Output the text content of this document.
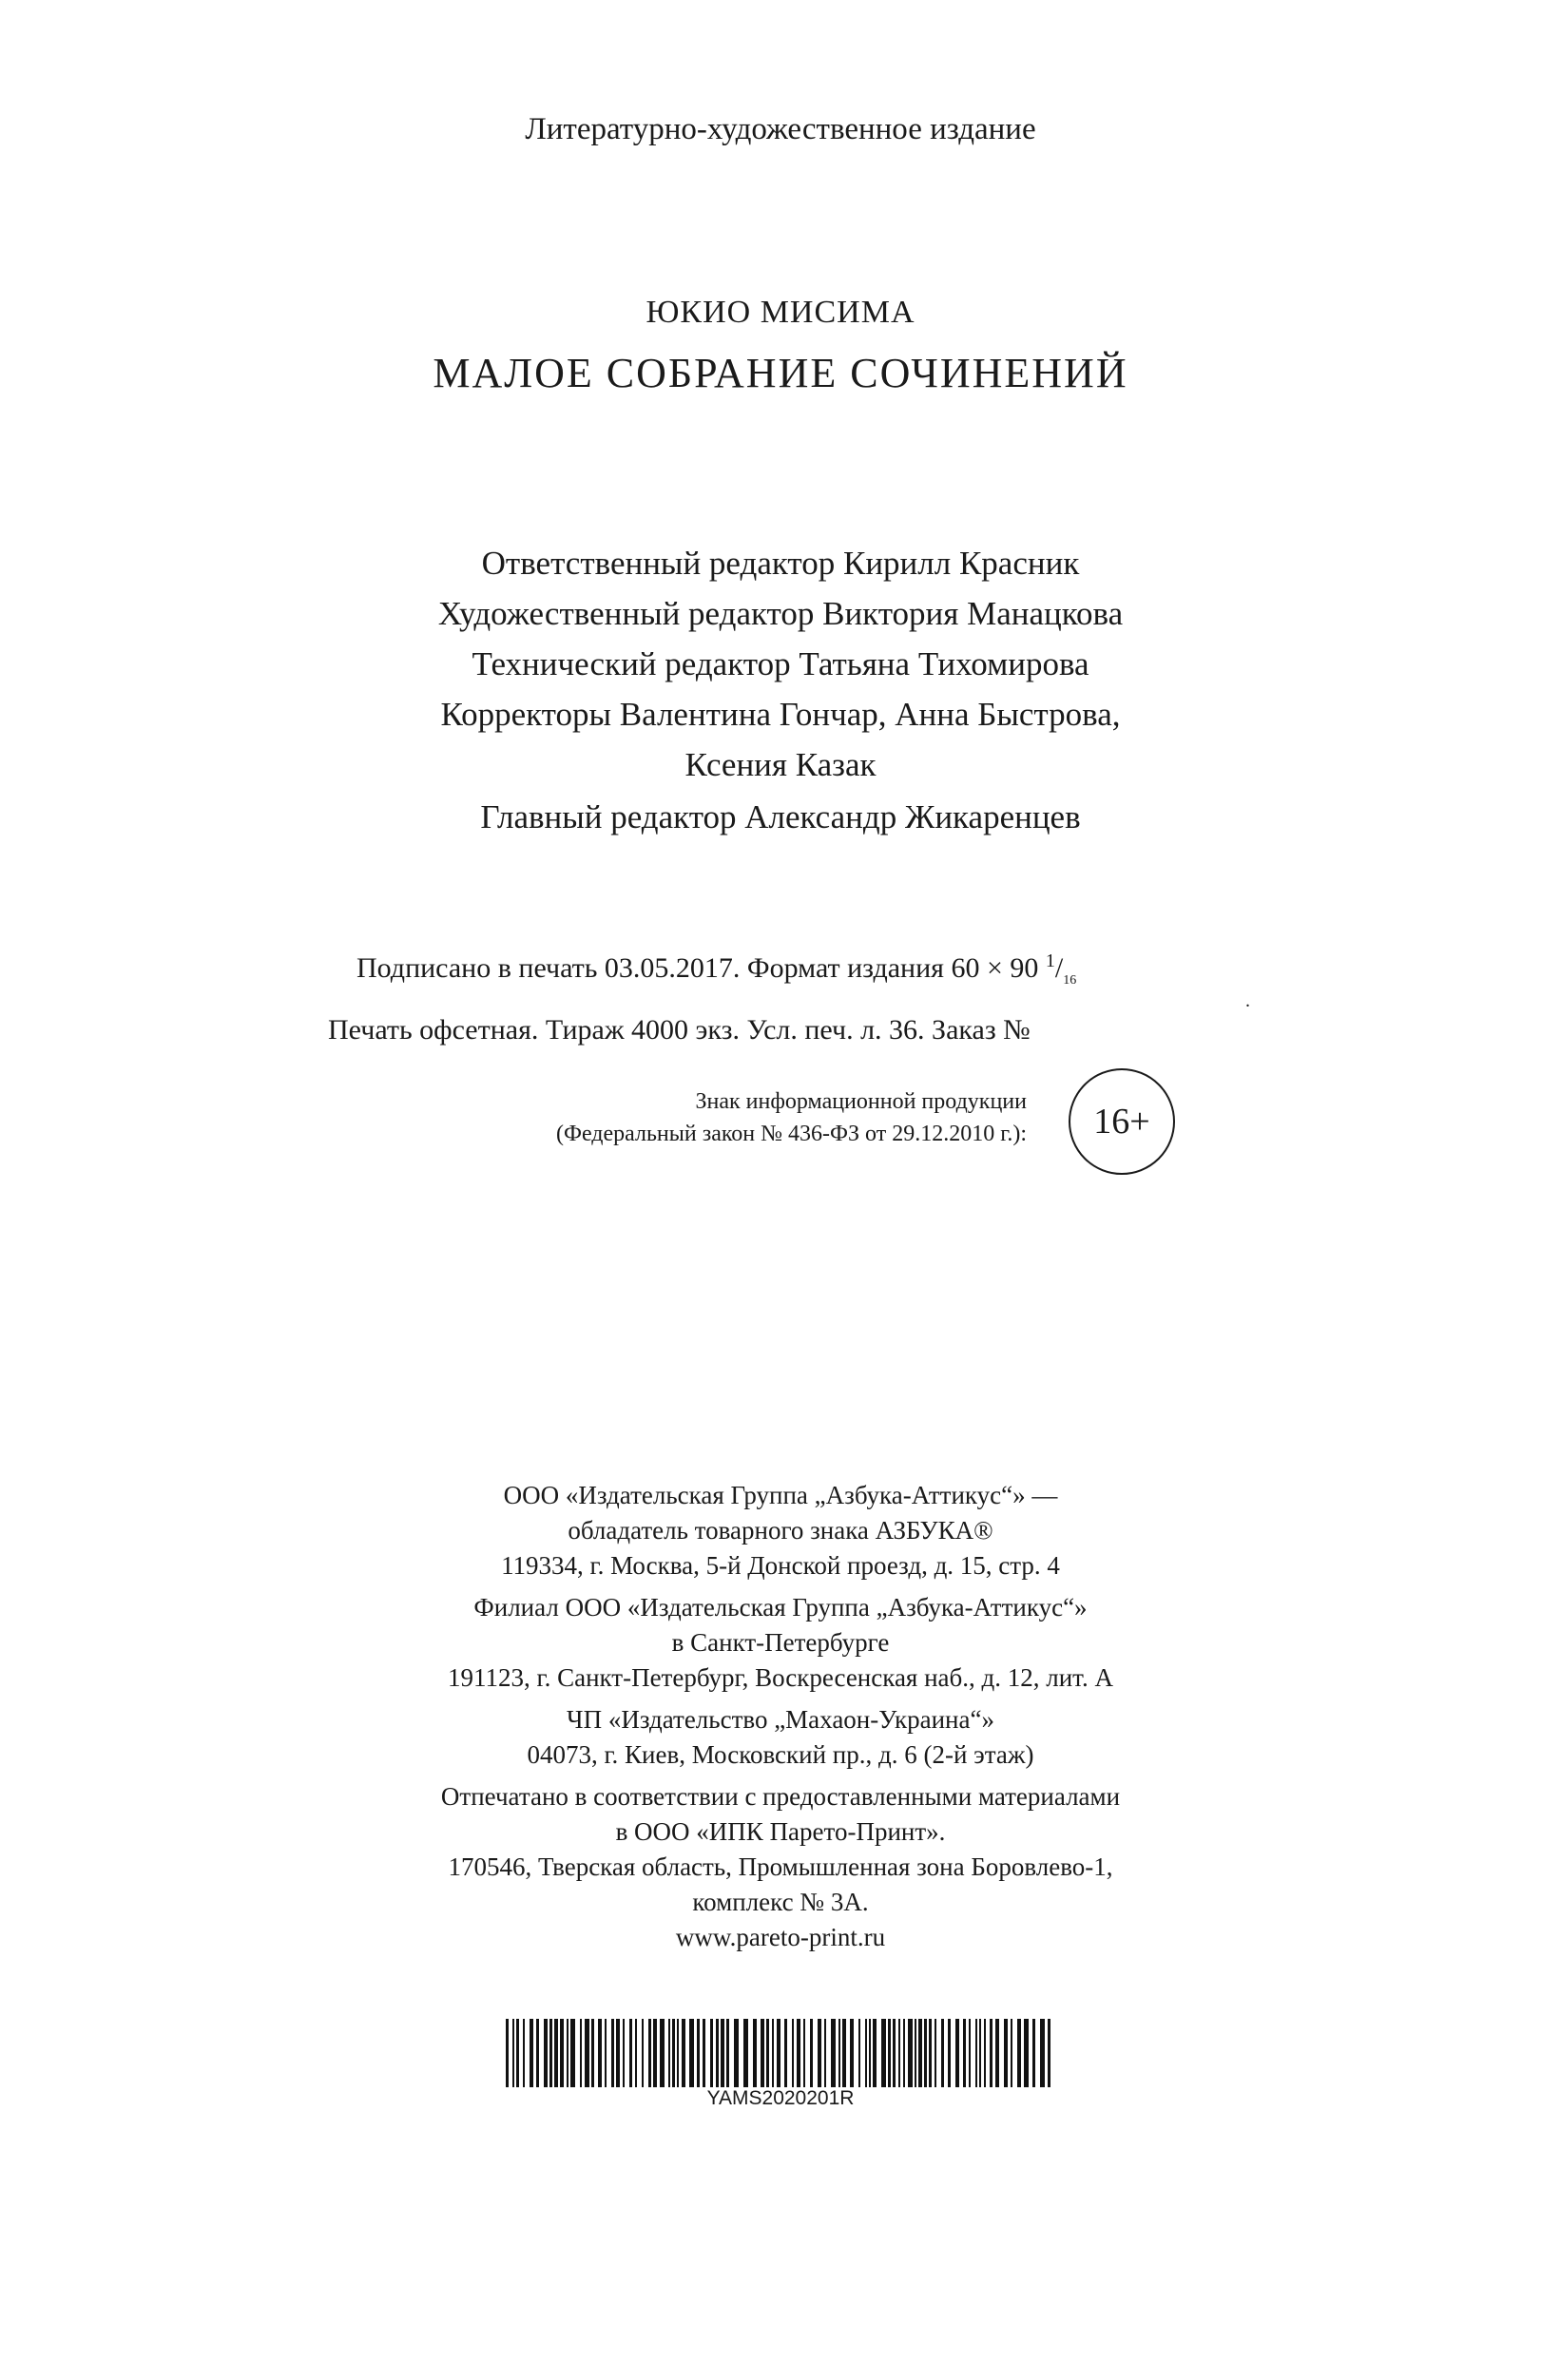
Литературно-художественное издание
ЮКИО МИСИМА
МАЛОЕ СОБРАНИЕ СОЧИНЕНИЙ
Ответственный редактор Кирилл Красник
Художественный редактор Виктория Манацкова
Технический редактор Татьяна Тихомирова
Корректоры Валентина Гончар, Анна Быстрова,
Ксения Казак
Главный редактор Александр Жикаренцев
Подписано в печать 03.05.2017. Формат издания 60 × 90 $^1/_{16}$
Печать офсетная. Тираж 4000 экз. Усл. печ. л. 36. Заказ №
.
Знак информационной продукции
(Федеральный закон № 436-ФЗ от 29.12.2010 г.): 16+
ООО «Издательская Группа „Азбука-Аттикус“» —
обладатель товарного знака АЗБУКА®
119334, г. Москва, 5-й Донской проезд, д. 15, стр. 4
Филиал ООО «Издательская Группа „Азбука-Аттикус“»
в Санкт-Петербурге
191123, г. Санкт-Петербург, Воскресенская наб., д. 12, лит. А
ЧП «Издательство „Махаон-Украина“»
04073, г. Киев, Московский пр., д. 6 (2-й этаж)
Отпечатано в соответствии с предоставленными материалами
в ООО «ИПК Парето-Принт».
170546, Тверская область, Промышленная зона Боровлево-1,
комплекс № 3А.
www.pareto-print.ru
YAMS2020201R
